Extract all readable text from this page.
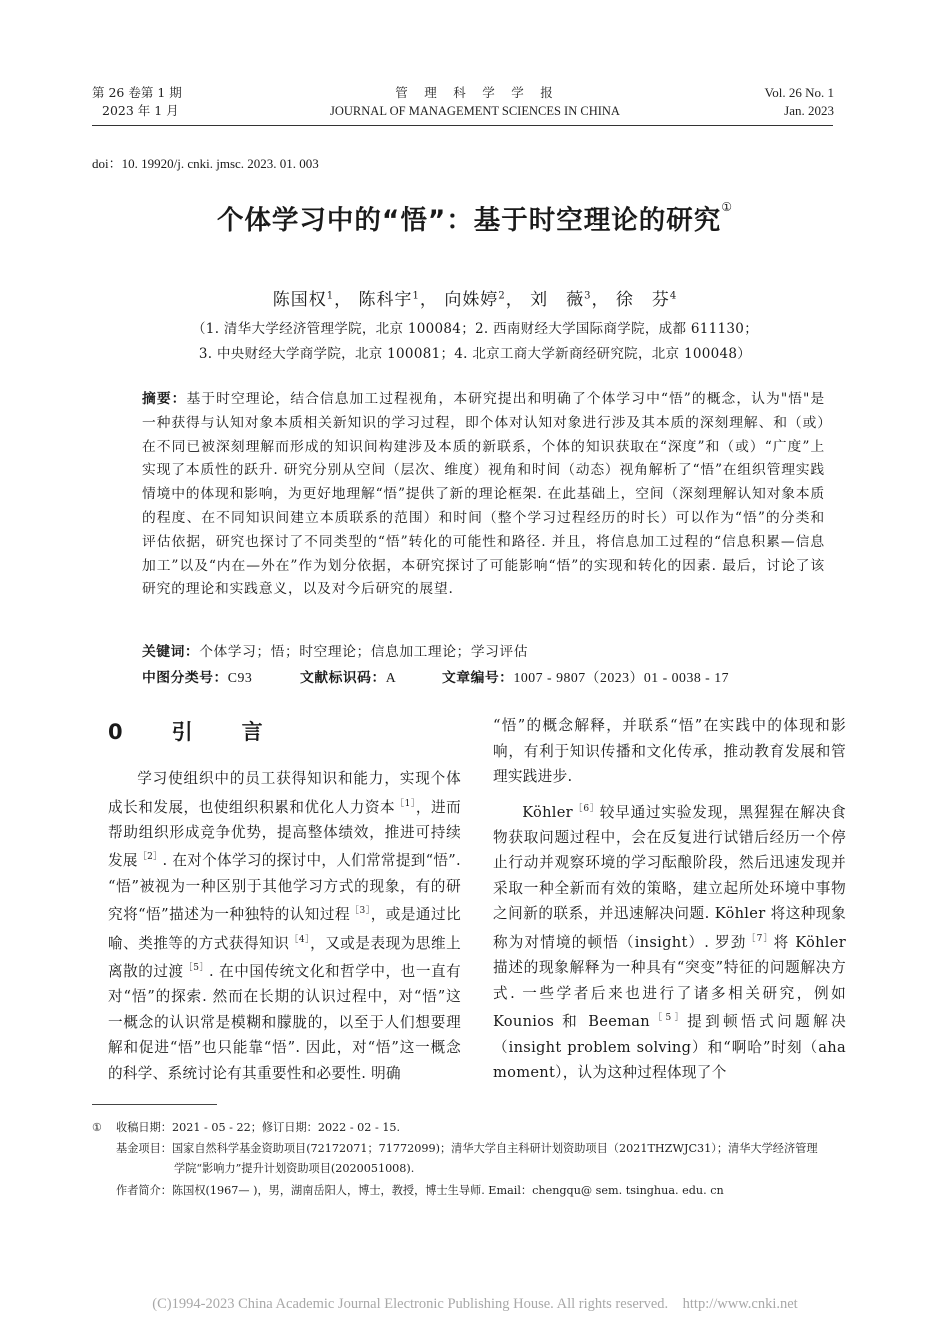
第 26 卷第 1 期
2023 年 1 月
管　理　科　学　学　报
JOURNAL OF MANAGEMENT SCIENCES IN CHINA
Vol. 26 No. 1
Jan. 2023
doi：10. 19920/j. cnki. jmsc. 2023. 01. 003
个体学习中的“悟”：基于时空理论的研究①
陈国权$^1$， 陈科宇$^1$， 向姝婷$^2$， 刘　薇$^3$， 徐　芬$^4$
（1. 清华大学经济管理学院，北京 100084；2. 西南财经大学国际商学院，成都 611130；
3. 中央财经大学商学院，北京 100081；4. 北京工商大学新商经研究院，北京 100048）
摘要：基于时空理论，结合信息加工过程视角，本研究提出和明确了个体学习中“悟”的概念，认为"悟"是一种获得与认知对象本质相关新知识的学习过程，即个体对认知对象进行涉及其本质的深刻理解、和（或）在不同已被深刻理解而形成的知识间构建涉及本质的新联系，个体的知识获取在“深度”和（或）“广度”上实现了本质性的跃升. 研究分别从空间（层次、维度）视角和时间（动态）视角解析了“悟”在组织管理实践情境中的体现和影响，为更好地理解“悟”提供了新的理论框架. 在此基础上，空间（深刻理解认知对象本质的程度、在不同知识间建立本质联系的范围）和时间（整个学习过程经历的时长）可以作为“悟”的分类和评估依据，研究也探讨了不同类型的“悟”转化的可能性和路径. 并且，将信息加工过程的“信息积累—信息加工”以及“内在—外在”作为划分依据，本研究探讨了可能影响“悟”的实现和转化的因素. 最后，讨论了该研究的理论和实践意义，以及对今后研究的展望.
关键词：个体学习；悟；时空理论；信息加工理论；学习评估
中图分类号：C93	文献标识码：A	文章编号：1007 - 9807（2023）01 - 0038 - 17
0　引　言

学习使组织中的员工获得知识和能力，实现个体成长和发展，也使组织积累和优化人力资本$^{[1]}$，进而帮助组织形成竞争优势，提高整体绩效，推进可持续发展$^{[2]}$. 在对个体学习的探讨中，人们常常提到“悟”. “悟”被视为一种区别于其他学习方式的现象，有的研究将“悟”描述为一种独特的认知过程$^{[3]}$，或是通过比喻、类推等的方式获得知识$^{[4]}$，又或是表现为思维上离散的过渡$^{[5]}$. 在中国传统文化和哲学中，也一直有对“悟”的探索. 然而在长期的认识过程中，对“悟”这一概念的认识常是模糊和朦胧的，以至于人们想要理解和促进“悟”也只能靠“悟”. 因此，对“悟”这一概念的科学、系统讨论有其重要性和必要性. 明确

“悟”的概念解释，并联系“悟”在实践中的体现和影响，有利于知识传播和文化传承，推动教育发展和管理实践进步.

Köhler$^{[6]}$较早通过实验发现，黑猩猩在解决食物获取问题过程中，会在反复进行试错后经历一个停止行动并观察环境的学习酝酿阶段，然后迅速发现并采取一种全新而有效的策略，建立起所处环境中事物之间新的联系，并迅速解决问题. Köhler 将这种现象称为对情境的顿悟（insight）. 罗劲$^{[7]}$将 Köhler 描述的现象解释为一种具有“突变”特征的问题解决方式. 一些学者后来也进行了诸多相关研究，例如 Kounios 和 Beeman$^{[5]}$提到顿悟式问题解决（insight problem solving）和“啊哈”时刻（aha moment），认为这种过程体现了个

① 收稿日期：2021 - 05 - 22；修订日期：2022 - 02 - 15.
基金项目：国家自然科学基金资助项目(72172071；71772099)；清华大学自主科研计划资助项目（2021THZWJC31）；清华大学经济管理
学院“影响力”提升计划资助项目(2020051008).
作者简介：陈国权(1967— )，男，湖南岳阳人，博士，教授，博士生导师. Email：chengqu@ sem. tsinghua. edu. cn
(C)1994-2023 China Academic Journal Electronic Publishing House. All rights reserved.    http://www.cnki.net
